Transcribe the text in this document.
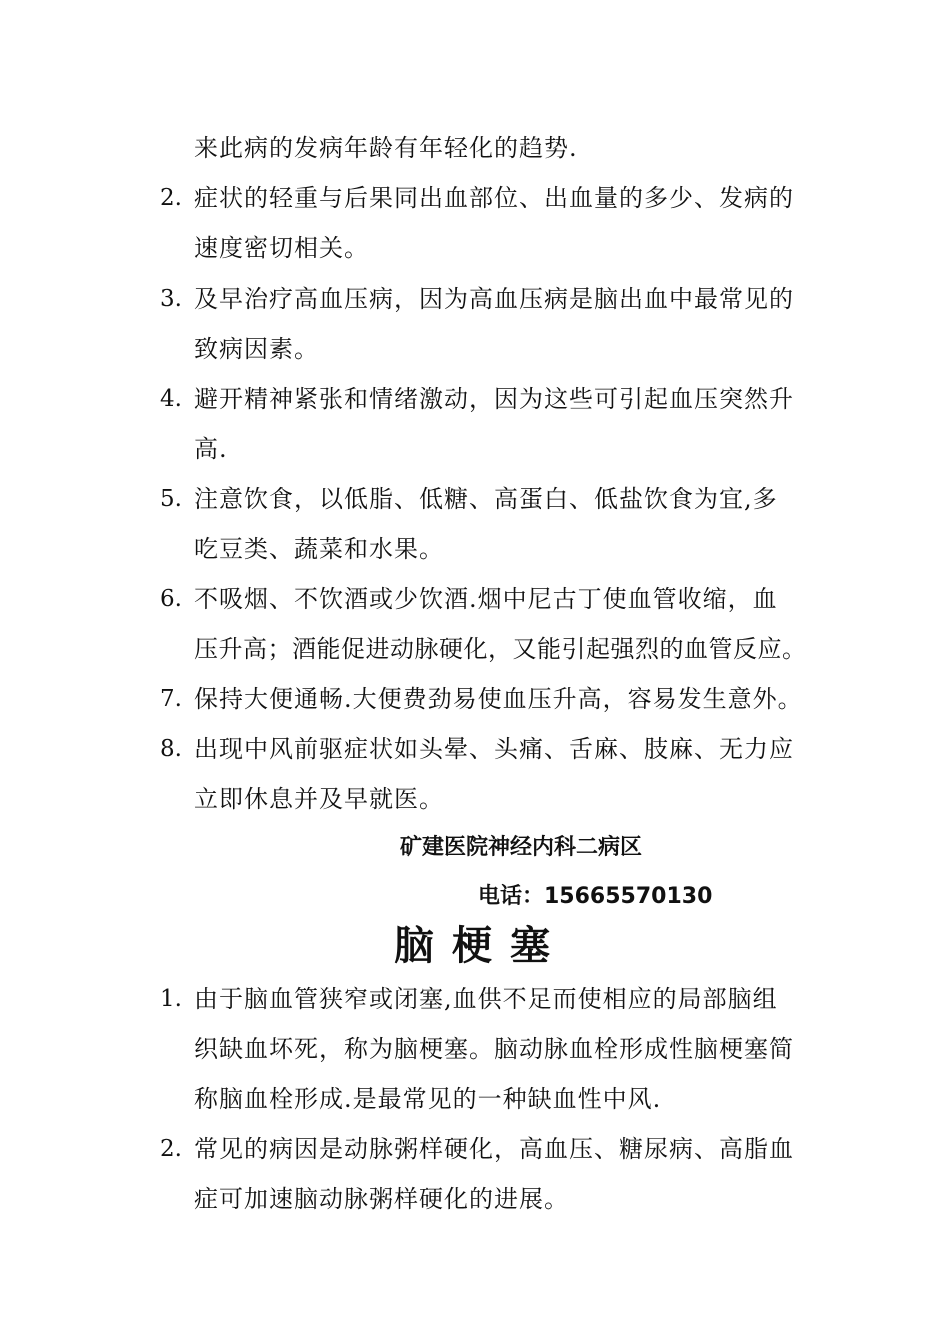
来此病的发病年龄有年轻化的趋势.
2. 症状的轻重与后果同出血部位、出血量的多少、发病的
速度密切相关。
3. 及早治疗高血压病，因为高血压病是脑出血中最常见的
致病因素。
4. 避开精神紧张和情绪激动，因为这些可引起血压突然升
高.
5. 注意饮食，以低脂、低糖、高蛋白、低盐饮食为宜,多
吃豆类、蔬菜和水果。
6. 不吸烟、不饮酒或少饮酒.烟中尼古丁使血管收缩，血
压升高；酒能促进动脉硬化，又能引起强烈的血管反应。
7. 保持大便通畅.大便费劲易使血压升高，容易发生意外。
8. 出现中风前驱症状如头晕、头痛、舌麻、肢麻、无力应
立即休息并及早就医。
矿建医院神经内科二病区
电话：15665570130
脑梗塞
1. 由于脑血管狭窄或闭塞,血供不足而使相应的局部脑组
织缺血坏死，称为脑梗塞。脑动脉血栓形成性脑梗塞简
称脑血栓形成.是最常见的一种缺血性中风.
2. 常见的病因是动脉粥样硬化，高血压、糖尿病、高脂血
症可加速脑动脉粥样硬化的进展。
